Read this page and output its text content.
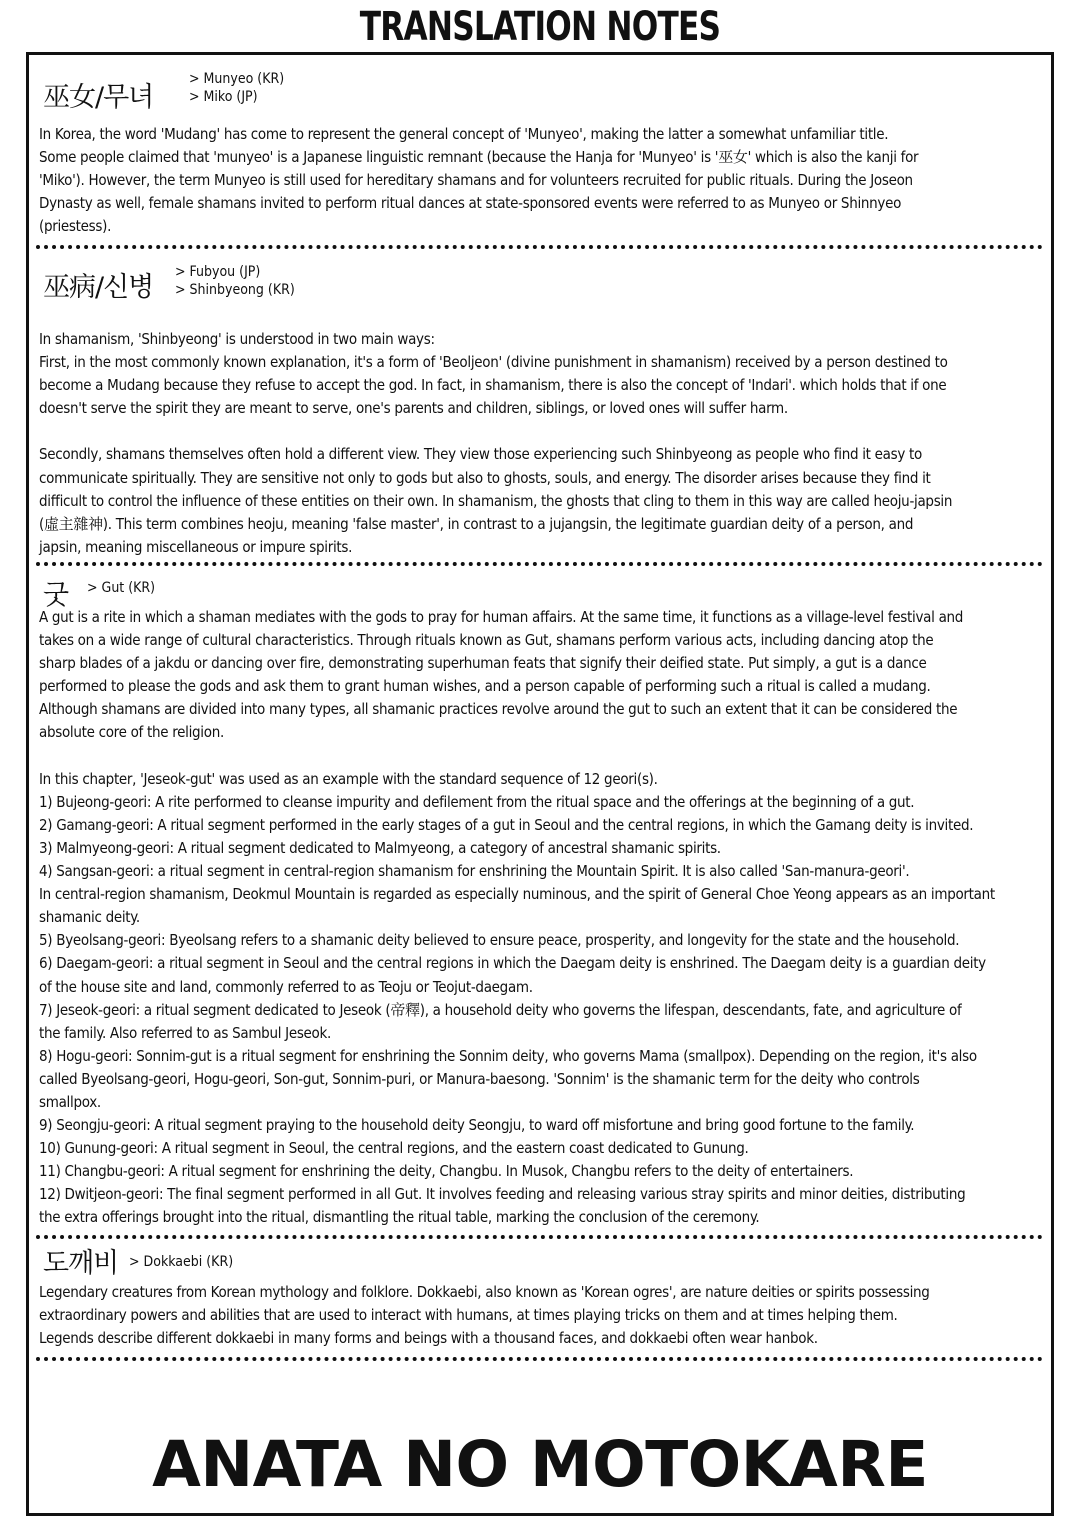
TRANSLATION NOTES
巫女/무녀
> Munyeo (KR)
> Miko (JP)
In Korea, the word 'Mudang' has come to represent the general concept of 'Munyeo', making the latter a somewhat unfamiliar title.
Some people claimed that 'munyeo' is a Japanese linguistic remnant (because the Hanja for 'Munyeo' is '巫女' which is also the kanji for
'Miko'). However, the term Munyeo is still used for hereditary shamans and for volunteers recruited for public rituals. During the Joseon
Dynasty as well, female shamans invited to perform ritual dances at state-sponsored events were referred to as Munyeo or Shinnyeo
(priestess).
巫病/신병 > Fubyou (JP)
> Shinbyeong (KR)
In shamanism, 'Shinbyeong' is understood in two main ways:
First, in the most commonly known explanation, it's a form of 'Beoljeon' (divine punishment in shamanism) received by a person destined to
become a Mudang because they refuse to accept the god. In fact, in shamanism, there is also the concept of 'Indari'. which holds that if one
doesn't serve the spirit they are meant to serve, one's parents and children, siblings, or loved ones will suffer harm.

Secondly, shamans themselves often hold a different view. They view those experiencing such Shinbyeong as people who find it easy to
communicate spiritually. They are sensitive not only to gods but also to ghosts, souls, and energy. The disorder arises because they find it
difficult to control the influence of these entities on their own. In shamanism, the ghosts that cling to them in this way are called heoju-japsin
(虛主雜神). This term combines heoju, meaning 'false master', in contrast to a jujangsin, the legitimate guardian deity of a person, and
japsin, meaning miscellaneous or impure spirits.
굿 > Gut (KR)
A gut is a rite in which a shaman mediates with the gods to pray for human affairs. At the same time, it functions as a village-level festival and
takes on a wide range of cultural characteristics. Through rituals known as Gut, shamans perform various acts, including dancing atop the
sharp blades of a jakdu or dancing over fire, demonstrating superhuman feats that signify their deified state. Put simply, a gut is a dance
performed to please the gods and ask them to grant human wishes, and a person capable of performing such a ritual is called a mudang.
Although shamans are divided into many types, all shamanic practices revolve around the gut to such an extent that it can be considered the
absolute core of the religion.

In this chapter, 'Jeseok-gut' was used as an example with the standard sequence of 12 geori(s).
1) Bujeong-geori: A rite performed to cleanse impurity and defilement from the ritual space and the offerings at the beginning of a gut.
2) Gamang-geori: A ritual segment performed in the early stages of a gut in Seoul and the central regions, in which the Gamang deity is invited.
3) Malmyeong-geori: A ritual segment dedicated to Malmyeong, a category of ancestral shamanic spirits.
4) Sangsan-geori: a ritual segment in central-region shamanism for enshrining the Mountain Spirit. It is also called 'San-manura-geori'.
In central-region shamanism, Deokmul Mountain is regarded as especially numinous, and the spirit of General Choe Yeong appears as an important
shamanic deity.
5) Byeolsang-geori: Byeolsang refers to a shamanic deity believed to ensure peace, prosperity, and longevity for the state and the household.
6) Daegam-geori: a ritual segment in Seoul and the central regions in which the Daegam deity is enshrined. The Daegam deity is a guardian deity
of the house site and land, commonly referred to as Teoju or Teojut-daegam.
7) Jeseok-geori: a ritual segment dedicated to Jeseok (帝釋), a household deity who governs the lifespan, descendants, fate, and agriculture of
the family. Also referred to as Sambul Jeseok.
8) Hogu-geori: Sonnim-gut is a ritual segment for enshrining the Sonnim deity, who governs Mama (smallpox). Depending on the region, it's also
called Byeolsang-geori, Hogu-geori, Son-gut, Sonnim-puri, or Manura-baesong. 'Sonnim' is the shamanic term for the deity who controls
smallpox.
9) Seongju-geori: A ritual segment praying to the household deity Seongju, to ward off misfortune and bring good fortune to the family.
10) Gunung-geori: A ritual segment in Seoul, the central regions, and the eastern coast dedicated to Gunung.
11) Changbu-geori: A ritual segment for enshrining the deity, Changbu. In Musok, Changbu refers to the deity of entertainers.
12) Dwitjeon-geori: The final segment performed in all Gut. It involves feeding and releasing various stray spirits and minor deities, distributing
the extra offerings brought into the ritual, dismantling the ritual table, marking the conclusion of the ceremony.
도깨비 > Dokkaebi (KR)
Legendary creatures from Korean mythology and folklore. Dokkaebi, also known as 'Korean ogres', are nature deities or spirits possessing
extraordinary powers and abilities that are used to interact with humans, at times playing tricks on them and at times helping them.
Legends describe different dokkaebi in many forms and beings with a thousand faces, and dokkaebi often wear hanbok.
ANATA NO MOTOKARE
